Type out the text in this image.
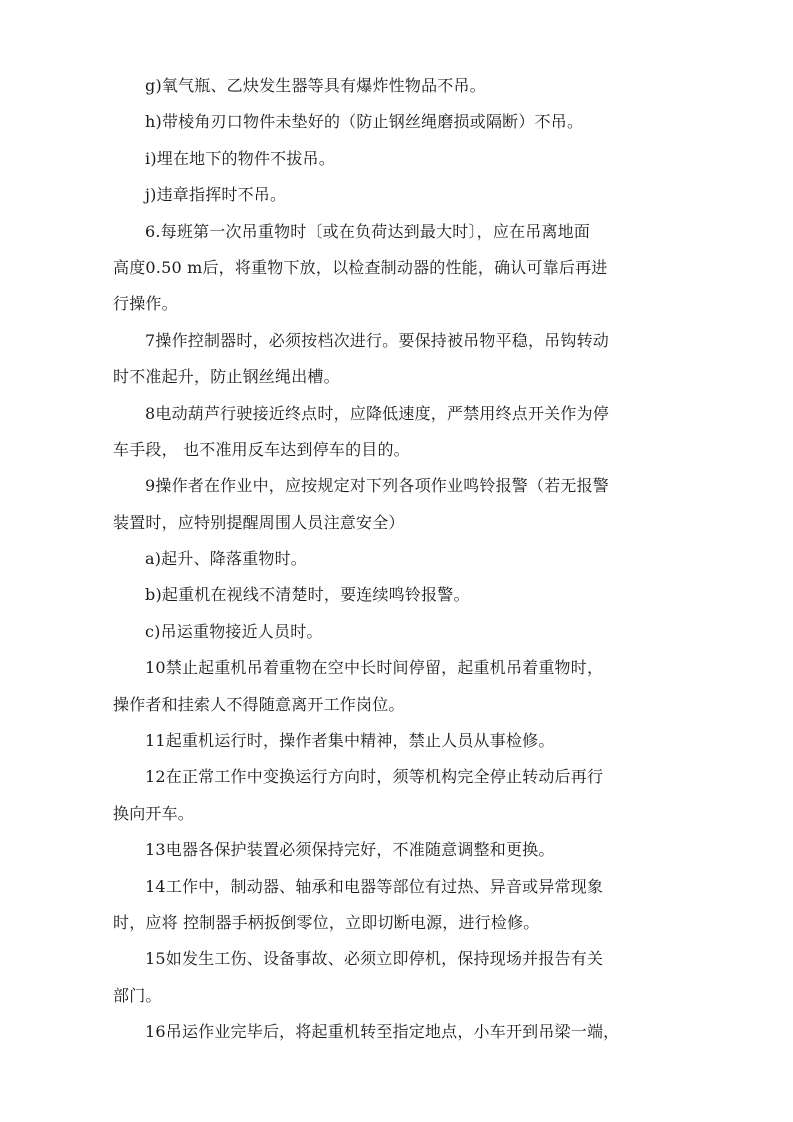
g)氧气瓶、乙炔发生器等具有爆炸性物品不吊。
h)带棱角刃口物件未垫好的（防止钢丝绳磨损或隔断）不吊。
i)埋在地下的物件不拔吊。
j)违章指挥时不吊。
6.每班第一次吊重物时〔或在负荷达到最大时〕，应在吊离地面
高度0.50 m后，将重物下放，以检查制动器的性能，确认可靠后再进
行操作。
7操作控制器时，必须按档次进行。要保持被吊物平稳，吊钩转动
时不准起升，防止钢丝绳出槽。
8电动葫芦行驶接近终点时，应降低速度，严禁用终点开关作为停
车手段， 也不准用反车达到停车的目的。
9操作者在作业中，应按规定对下列各项作业鸣铃报警（若无报警
装置时，应特别提醒周围人员注意安全）
a)起升、降落重物时。
b)起重机在视线不清楚时，要连续鸣铃报警。
c)吊运重物接近人员时。
10禁止起重机吊着重物在空中长时间停留，起重机吊着重物时，
操作者和挂索人不得随意离开工作岗位。
11起重机运行时，操作者集中精神，禁止人员从事检修。
12在正常工作中变换运行方向时，须等机构完全停止转动后再行
换向开车。
13电器各保护装置必须保持完好，不准随意调整和更换。
14工作中，制动器、轴承和电器等部位有过热、异音或异常现象
时，应将 控制器手柄扳倒零位，立即切断电源，进行检修。
15如发生工伤、设备事故、必须立即停机，保持现场并报告有关
部门。
16吊运作业完毕后，将起重机转至指定地点，小车开到吊梁一端，
